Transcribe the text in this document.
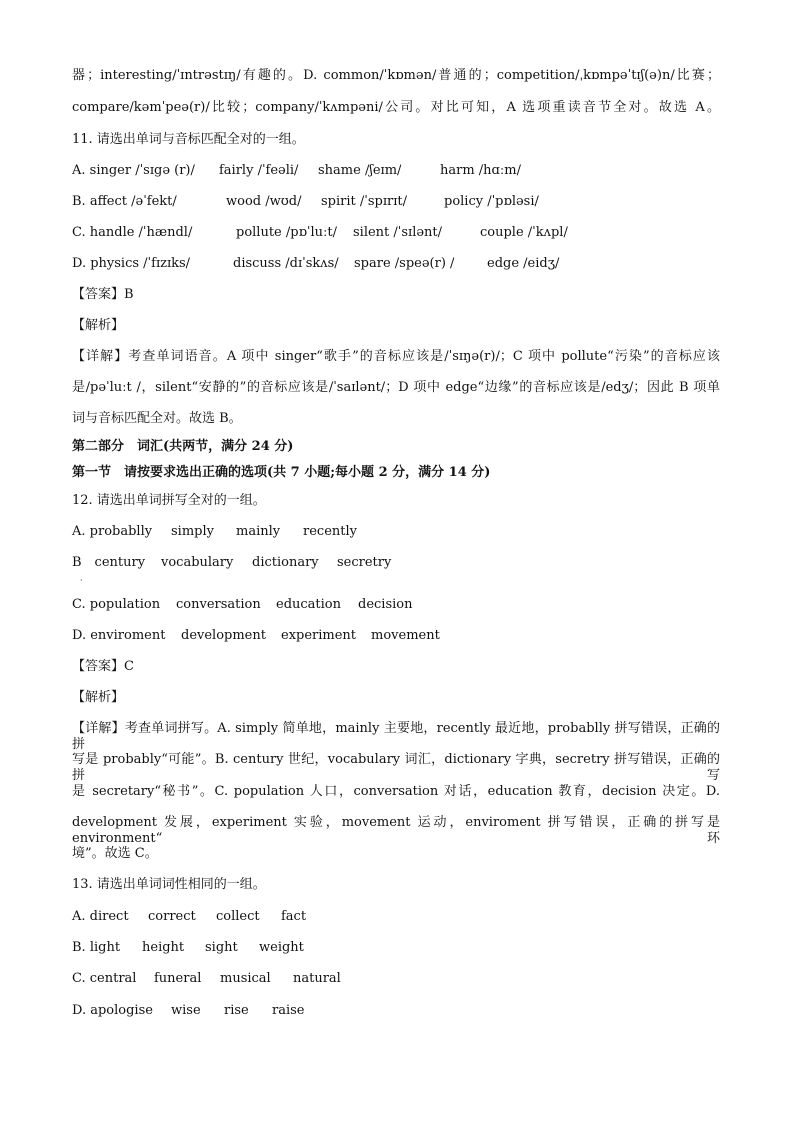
器；interesting/ˈɪntrəstɪŋ/有趣的。D. common/ˈkɒmən/普通的；competition/ˌkɒmpəˈtɪʃ(ə)n/比赛；
compare/kəmˈpeə(r)/比较；company/ˈkʌmpəni/公司。对比可知，A 选项重读音节全对。故选 A。
11. 请选出单词与音标匹配全对的一组。
A. singer /ˈsɪgə (r)/ fairly /ˈfeəli/ shame /ʃeɪm/	harm /hɑːm/
B. affect /əˈfekt/	wood /wʊd/ spirit /ˈspɪrɪt/	policy /ˈpɒləsi/
C. handle /ˈhændl/	pollute /pɒˈluːt/ silent /ˈsɪlənt/	couple /ˈkʌpl/
D. physics /ˈfɪzɪks/	discuss /dɪˈskʌs/ spare /speə(r) /	edge /eidʒ/
【答案】B
【解析】
【详解】考查单词语音。A 项中 singer“歌手”的音标应该是/ˈsɪŋə(r)/；C 项中 pollute“污染”的音标应该
是/pəˈluːt /，silent“安静的”的音标应该是/ˈsaɪlənt/；D 项中 edge“边缘”的音标应该是/edʒ/；因此 B 项单
词与音标匹配全对。故选 B。
第二部分　词汇(共两节，满分 24 分)
第一节　请按要求选出正确的选项(共 7 小题;每小题 2 分，满分 14 分)
12. 请选出单词拼写全对的一组。
A. probablly simply mainly recently
B　century vocabulary dictionary secretry
·
C. population conversation education decision
D. enviroment development experiment movement
【答案】C
【解析】
【详解】考查单词拼写。A. simply 简单地，mainly 主要地，recently 最近地，probablly 拼写错误，正确的拼
写是 probably“可能”。B. century 世纪，vocabulary 词汇，dictionary 字典，secretry 拼写错误，正确的拼写
是 secretary“秘书”。C. population 人口，conversation 对话，education 教育，decision 决定。D.
development 发展，experiment 实验，movement 运动，enviroment 拼写错误，正确的拼写是 environment“环
境”。故选 C。
13. 请选出单词词性相同的一组。
A. direct correct collect fact
B. light height sight weight
C. central funeral musical natural
D. apologise wise rise raise
